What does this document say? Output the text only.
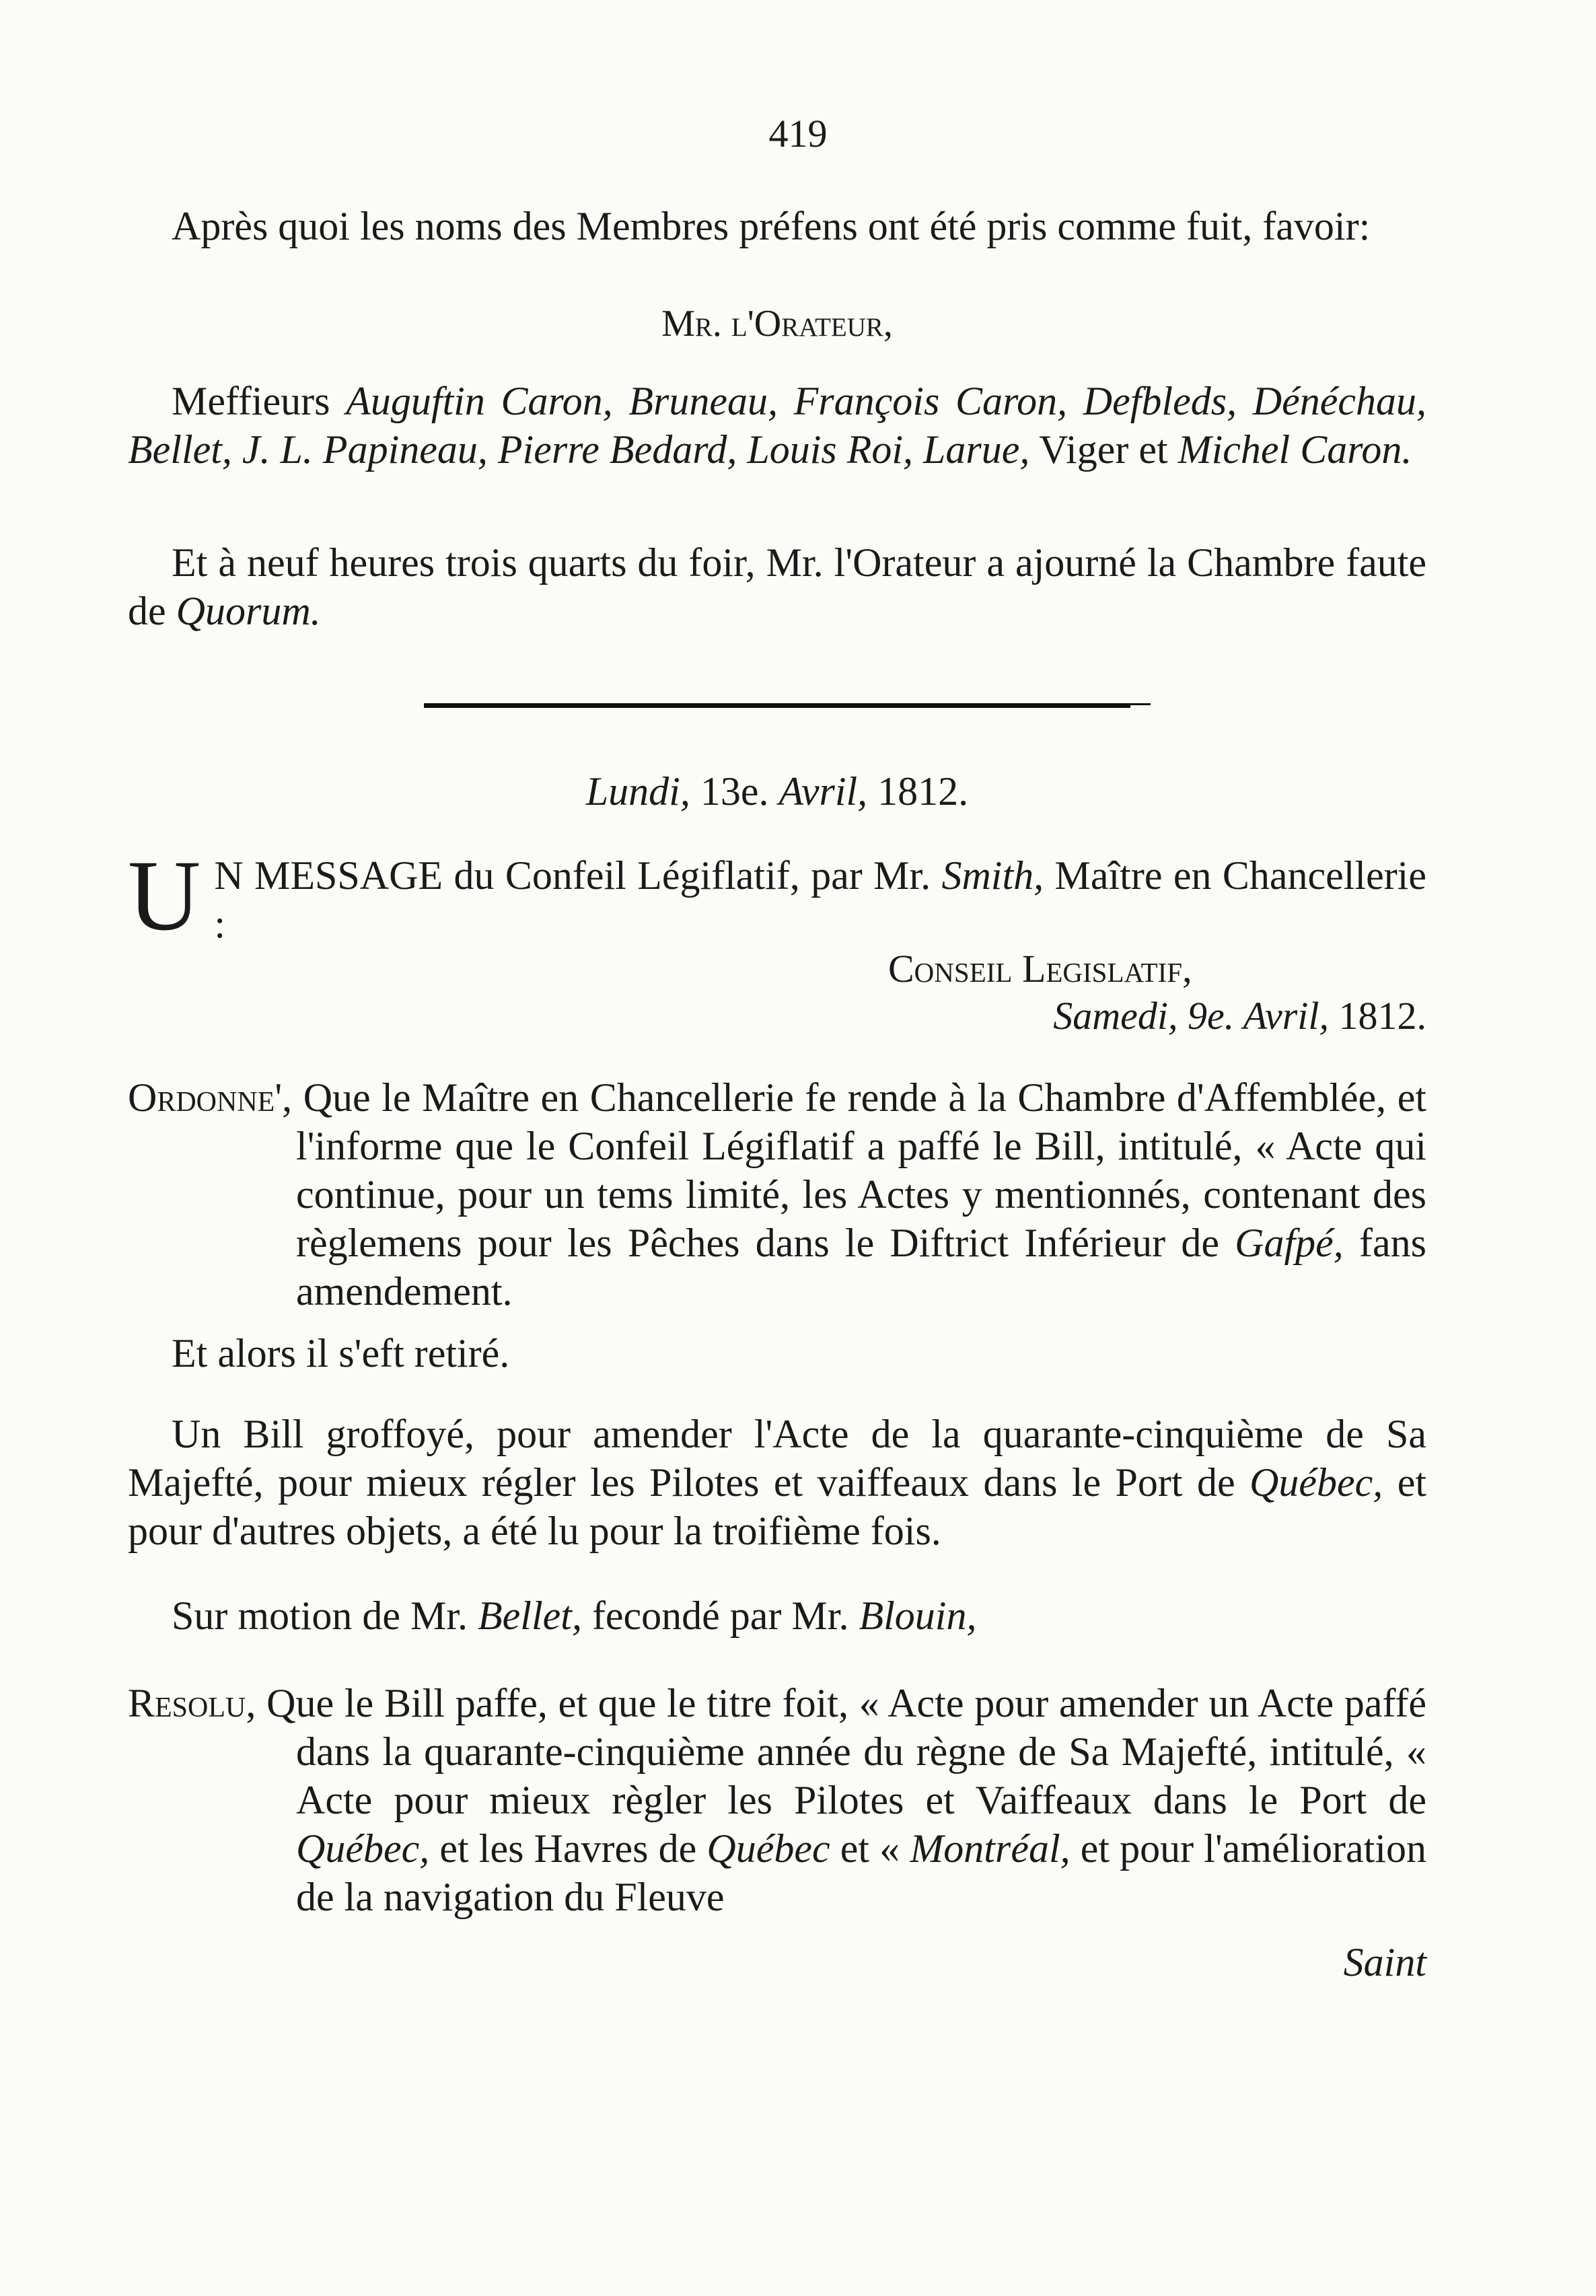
419

Après quoi les noms des Membres préfens ont été pris comme fuit, favoir:

Mr. l'Orateur,

Meffieurs Auguftin Caron, Bruneau, François Caron, Defbleds, Dénéchau, Bellet, J. L. Papineau, Pierre Bedard, Louis Roi, Larue, Viger et Michel Caron.

Et à neuf heures trois quarts du foir, Mr. l'Orateur a ajourné la Chambre faute de Quorum.

Lundi, 13e. Avril, 1812.

U N MESSAGE du Confeil Légiflatif, par Mr. Smith, Maître en Chancellerie :

Conseil Legislatif,
Samedi, 9e. Avril, 1812.

Ordonne', Que le Maître en Chancellerie fe rende à la Chambre d'Affemblée, et l'informe que le Confeil Légiflatif a paffé le Bill, intitulé, « Acte qui continue, pour un tems limité, les Actes y mentionnés, contenant des règlemens pour les Pêches dans le Diftrict Inférieur de Gafpé, fans amendement.

Et alors il s'eft retiré.

Un Bill groffoyé, pour amender l'Acte de la quarante-cinquième de Sa Majefté, pour mieux régler les Pilotes et vaiffeaux dans le Port de Québec, et pour d'autres objets, a été lu pour la troifième fois.

Sur motion de Mr. Bellet, fecondé par Mr. Blouin,

Resolu, Que le Bill paffe, et que le titre foit, « Acte pour amender un Acte paffé dans la quarante-cinquième année du règne de Sa Majefté, intitulé, « Acte pour mieux règler les Pilotes et Vaiffeaux dans le Port de Québec, et les Havres de Québec et « Montréal, et pour l'amélioration de la navigation du Fleuve

Saint
